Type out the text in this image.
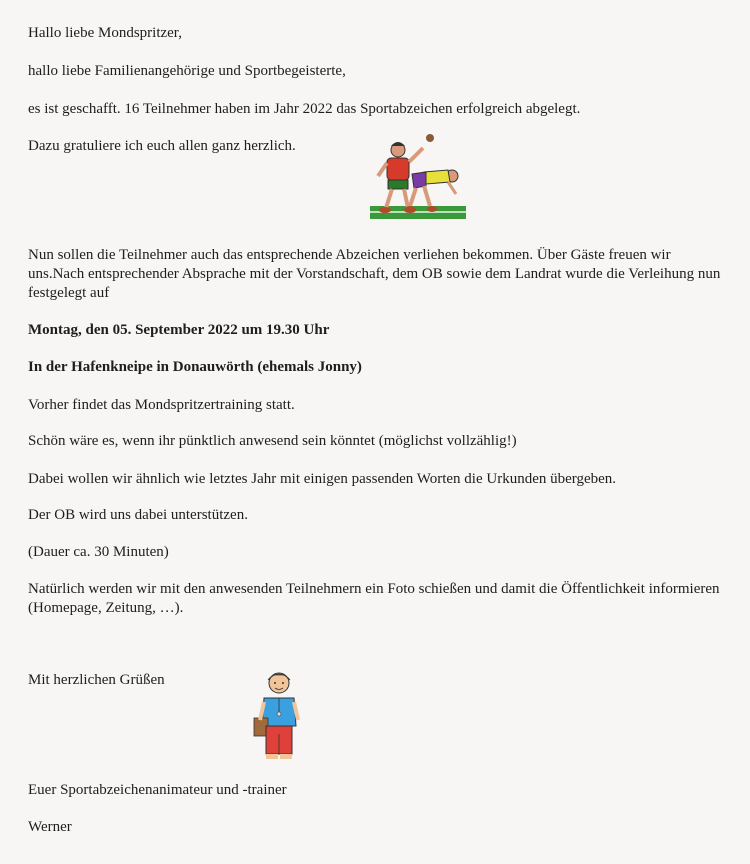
Hallo liebe Mondspritzer,
hallo liebe Familienangehörige und Sportbegeisterte,
es ist geschafft. 16 Teilnehmer haben im Jahr 2022 das Sportabzeichen erfolgreich abgelegt.
Dazu gratuliere ich euch allen ganz herzlich.
Nun sollen die Teilnehmer auch das entsprechende Abzeichen verliehen bekommen. Über Gäste freuen wir uns.Nach entsprechender Absprache mit der Vorstandschaft, dem OB sowie dem Landrat wurde die Verleihung nun festgelegt auf
Montag, den 05. September 2022 um 19.30 Uhr
In der Hafenkneipe in Donauwörth (ehemals Jonny)
Vorher findet das Mondspritzertraining statt.
Schön wäre es, wenn ihr pünktlich anwesend sein könntet (möglichst vollzählig!)
Dabei wollen wir ähnlich wie letztes Jahr mit einigen passenden Worten die Urkunden übergeben.
Der OB wird uns dabei unterstützen.
(Dauer ca. 30 Minuten)
Natürlich werden wir mit den anwesenden Teilnehmern ein Foto schießen und damit die Öffentlichkeit informieren (Homepage, Zeitung, …).
Mit herzlichen Grüßen
Euer Sportabzeichenanimateur und -trainer
Werner
